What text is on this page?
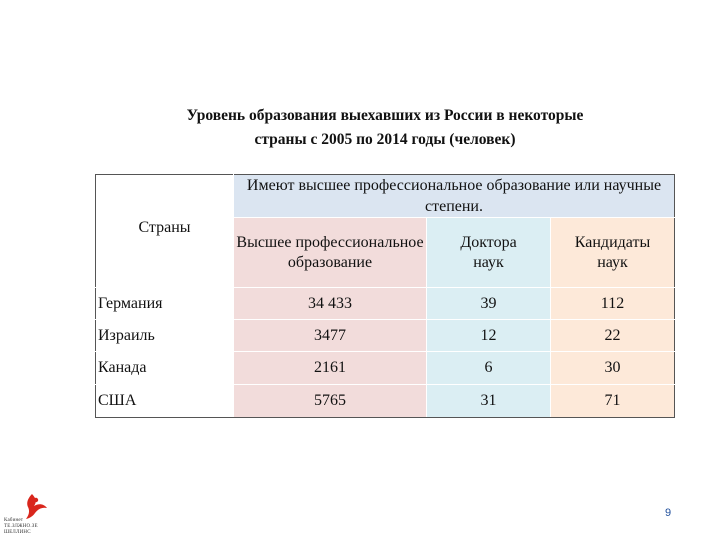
Уровень образования выехавших из России в некоторые
страны с 2005 по 2014 годы (человек)
Страны	Имеют высшее профессиональное образование или научные степени.		
	Высшее профессиональное образование	Доктора наук	Кандидаты наук
Германия	34 433	39	112
Израиль	3477	12	22
Канада	2161	6	30
США	5765	31	71
Кабинет ТЕ.ЗЛЖНО.ЗЕ ШЕЛЛИНС
9
